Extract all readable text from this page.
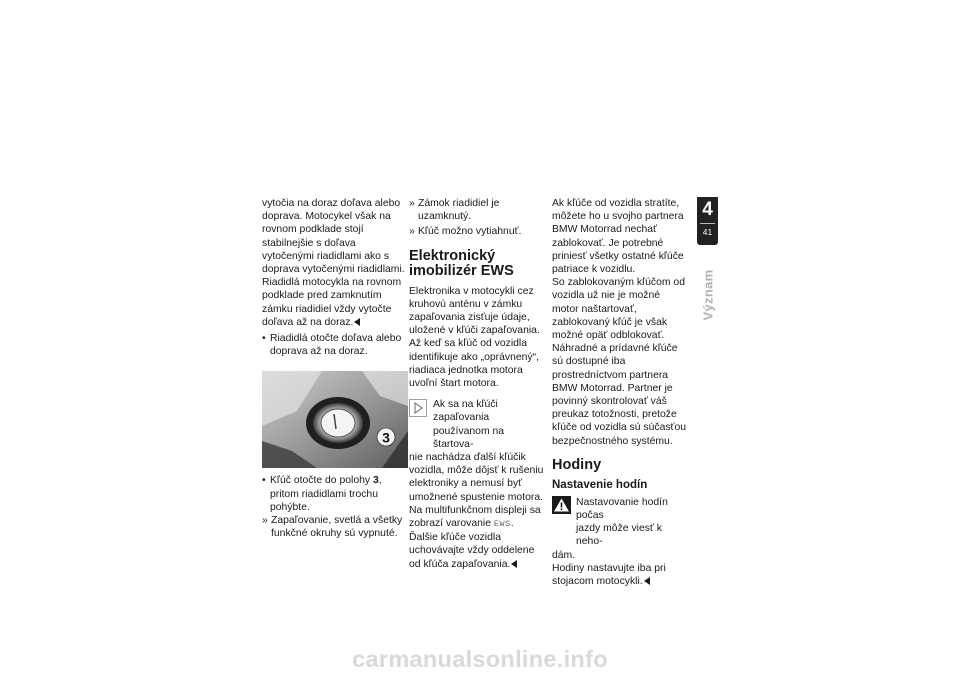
vytočia na doraz doľava alebo doprava. Motocykel však na rovnom podklade stojí stabilnejšie s doľava vytočenými riadidlami ako s doprava vytočenými riadidlami. Riadidlá motocykla na rovnom podklade pred zamknutím zámku riadidiel vždy vytočte doľava až na doraz.

• Riadidlá otočte doľava alebo doprava až na doraz.

3

• Kľúč otočte do polohy 3, pritom riadidlami trochu pohýbte.

» Zapaľovanie, svetlá a všetky funkčné okruhy sú vypnuté.

» Zámok riadidiel je uzamknutý.

» Kľúč možno vytiahnuť.

Elektronický imobilizér EWS

Elektronika v motocykli cez kruhovú anténu v zámku zapaľovania zisťuje údaje, uložené v kľúči zapaľovania. Až keď sa kľúč od vozidla identifikuje ako „oprávnený“, riadiaca jednotka motora uvoľní štart motora.

Ak sa na kľúči zapaľovania

používanom na štartova-

nie nachádza ďalší kľúčik vozidla, môže dôjsť k rušeniu elektroniky a nemusí byť umožnené spustenie motora. Na multifunkčnom displeji sa zobrazí varovanie EWS. Ďalšie kľúče vozidla uchovávajte vždy oddelene od kľúča zapaľovania.

Ak kľúče od vozidla stratíte, môžete ho u svojho partnera BMW Motorrad nechať zablokovať. Je potrebné priniesť všetky ostatné kľúče patriace k vozidlu.

So zablokovaným kľúčom od vozidla už nie je možné motor naštartovať, zablokovaný kľúč je však možné opäť odblokovať.

Náhradné a prídavné kľúče sú dostupné iba prostredníctvom partnera BMW Motorrad. Partner je povinný skontrolovať váš preukaz totožnosti, pretože kľúče od vozidla sú súčasťou bezpečnostného systému.

Hodiny
Nastavenie hodín

Nastavovanie hodín počas

jazdy môže viesť k neho-

dám.

Hodiny nastavujte iba pri stojacom motocykli.

4
41
Význam
carmanualsonline.info
